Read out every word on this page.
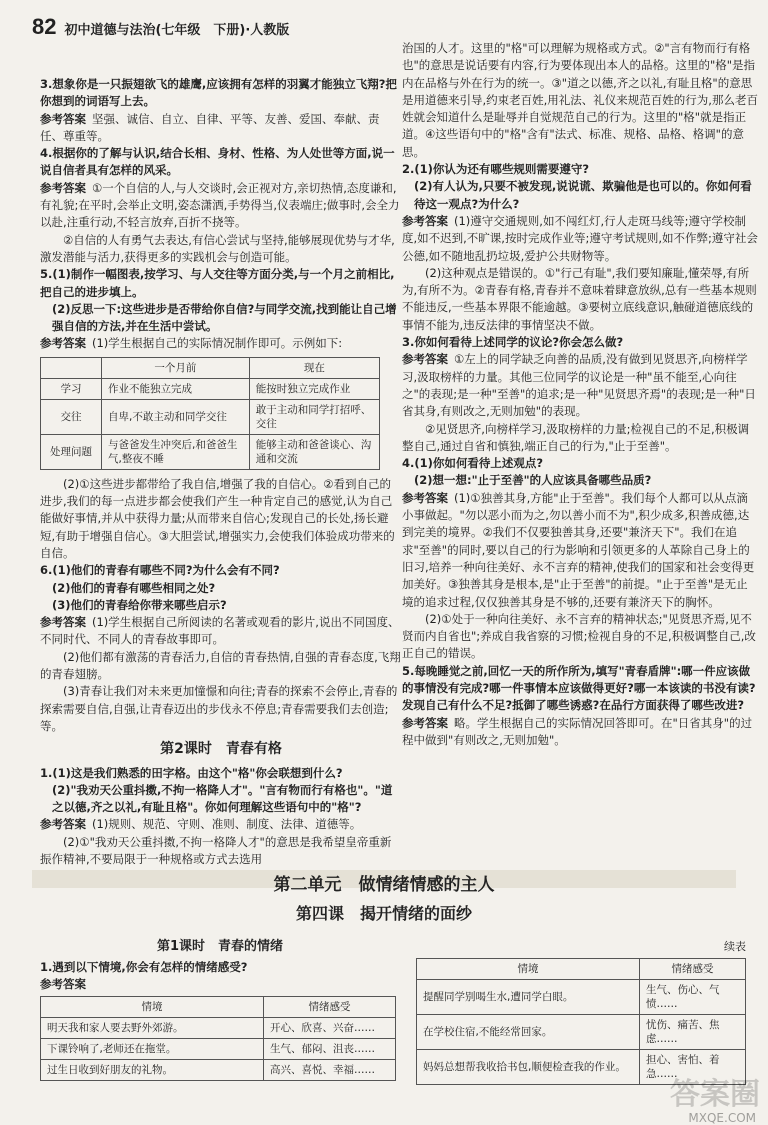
82 初中道德与法治(七年级　下册)·人教版

3.想象你是一只振翅欲飞的雄鹰,应该拥有怎样的羽翼才能独立飞翔?把你想到的词语写上去。

参考答案 坚强、诚信、自立、自律、平等、友善、爱国、奉献、责任、尊重等。

4.根据你的了解与认识,结合长相、身材、性格、为人处世等方面,说一说自信者具有怎样的风采。

参考答案 ①一个自信的人,与人交谈时,会正视对方,亲切热情,态度谦和,有礼貌;在平时,会举止文明,姿态潇洒,手势得当,仪表端庄;做事时,会全力以赴,注重行动,不轻言放弃,百折不挠等。

②自信的人有勇气去表达,有信心尝试与坚持,能够展现优势与才华,激发潜能与活力,获得更多的实践机会与创造可能。

5.(1)制作一幅图表,按学习、与人交往等方面分类,与一个月之前相比,把自己的进步填上。

(2)反思一下:这些进步是否带给你自信?与同学交流,找到能让自己增强自信的方法,并在生活中尝试。

参考答案 (1)学生根据自己的实际情况制作即可。示例如下:

	一个月前	现在
学习	作业不能独立完成	能按时独立完成作业
交往	自卑,不敢主动和同学交往	敢于主动和同学打招呼、交往
处理问题	与爸爸发生冲突后,和爸爸生气,整夜不睡	能够主动和爸爸谈心、沟通和交流

(2)①这些进步都带给了我自信,增强了我的自信心。②看到自己的进步,我们的每一点进步都会使我们产生一种肯定自己的感觉,认为自己能做好事情,并从中获得力量;从而带来自信心;发现自己的长处,扬长避短,有助于增强自信心。③大胆尝试,增强实力,会使我们体验成功带来的自信。

6.(1)他们的青春有哪些不同?为什么会有不同?

(2)他们的青春有哪些相同之处?

(3)他们的青春给你带来哪些启示?

参考答案 (1)学生根据自己所阅读的名著或观看的影片,说出不同国度、不同时代、不同人的青春故事即可。

(2)他们都有激荡的青春活力,自信的青春热情,自强的青春态度,飞翔的青春翅膀。

(3)青春让我们对未来更加憧憬和向往;青春的探索不会停止,青春的探索需要自信,自强,让青春迈出的步伐永不停息;青春需要我们去创造;等。

第2课时　青春有格

1.(1)这是我们熟悉的田字格。由这个"格"你会联想到什么?

(2)"我劝天公重抖擞,不拘一格降人才"。"言有物而行有格也"。"道之以德,齐之以礼,有耻且格"。你如何理解这些语句中的"格"?

参考答案 (1)规则、规范、守则、准则、制度、法律、道德等。

(2)①"我劝天公重抖擞,不拘一格降人才"的意思是我希望皇帝重新振作精神,不要局限于一种规格或方式去选用

治国的人才。这里的"格"可以理解为规格或方式。②"言有物而行有格也"的意思是说话要有内容,行为要体现出本人的品格。这里的"格"是指内在品格与外在行为的统一。③"道之以德,齐之以礼,有耻且格"的意思是用道德来引导,约束老百姓,用礼法、礼仪来规范百姓的行为,那么老百姓就会知道什么是耻辱并自觉规范自己的行为。这里的"格"就是指正道。④这些语句中的"格"含有"法式、标准、规格、品格、格调"的意思。

2.(1)你认为还有哪些规则需要遵守?

(2)有人认为,只要不被发现,说说谎、欺骗他是也可以的。你如何看待这一观点?为什么?

参考答案 (1)遵守交通规则,如不闯红灯,行人走斑马线等;遵守学校制度,如不迟到,不旷课,按时完成作业等;遵守考试规则,如不作弊;遵守社会公德,如不随地乱扔垃圾,爱护公共财物等。

(2)这种观点是错误的。①"行己有耻",我们要知廉耻,懂荣辱,有所为,有所不为。②青春有格,青春并不意味着肆意放纵,总有一些基本规则不能违反,一些基本界限不能逾越。③要树立底线意识,触碰道德底线的事情不能为,违反法律的事情坚决不做。

3.你如何看待上述同学的议论?你会怎么做?

参考答案 ①左上的同学缺乏向善的品质,没有做到见贤思齐,向榜样学习,汲取榜样的力量。其他三位同学的议论是一种"虽不能至,心向往之"的表现;是一种"至善"的追求;是一种"见贤思齐焉"的表现;是一种"日省其身,有则改之,无则加勉"的表现。

②见贤思齐,向榜样学习,汲取榜样的力量;检视自己的不足,积极调整自己,通过自省和慎独,端正自己的行为,"止于至善"。

4.(1)你如何看待上述观点?

(2)想一想:"止于至善"的人应该具备哪些品质?

参考答案 (1)①独善其身,方能"止于至善"。我们每个人都可以从点滴小事做起。"勿以恶小而为之,勿以善小而不为",积少成多,积善成德,达到完美的境界。②我们不仅要独善其身,还要"兼济天下"。我们在追求"至善"的同时,要以自己的行为影响和引领更多的人革除自己身上的旧习,培养一种向往美好、永不言弃的精神,使我们的国家和社会变得更加美好。③独善其身是根本,是"止于至善"的前提。"止于至善"是无止境的追求过程,仅仅独善其身是不够的,还要有兼济天下的胸怀。

(2)①处于一种向往美好、永不言弃的精神状态;"见贤思齐焉,见不贤而内自省也";养成自我省察的习惯;检视自身的不足,积极调整自己,改正自己的错误。

5.每晚睡觉之前,回忆一天的所作所为,填写"青春盾牌":哪一件应该做的事情没有完成?哪一件事情本应该做得更好?哪一本该读的书没有读?发现自己有什么不足?抵御了哪些诱惑?在品行方面获得了哪些改进?

参考答案 略。学生根据自己的实际情况回答即可。在"日省其身"的过程中做到"有则改之,无则加勉"。

第二单元　做情绪情感的主人
第四课　揭开情绪的面纱
第1课时　青春的情绪

1.遇到以下情境,你会有怎样的情绪感受?

参考答案

情境	情绪感受
明天我和家人要去野外郊游。	开心、欣喜、兴奋……
下课铃响了,老师还在拖堂。	生气、郁闷、沮丧……
过生日收到好朋友的礼物。	高兴、喜悦、幸福……
续表
情境	情绪感受
提醒同学别喝生水,遭同学白眼。	生气、伤心、气愤……
在学校住宿,不能经常回家。	忧伤、痛苦、焦虑……
妈妈总想帮我收拾书包,顺便检查我的作业。	担心、害怕、着急……
答案圈
MXQE.COM
